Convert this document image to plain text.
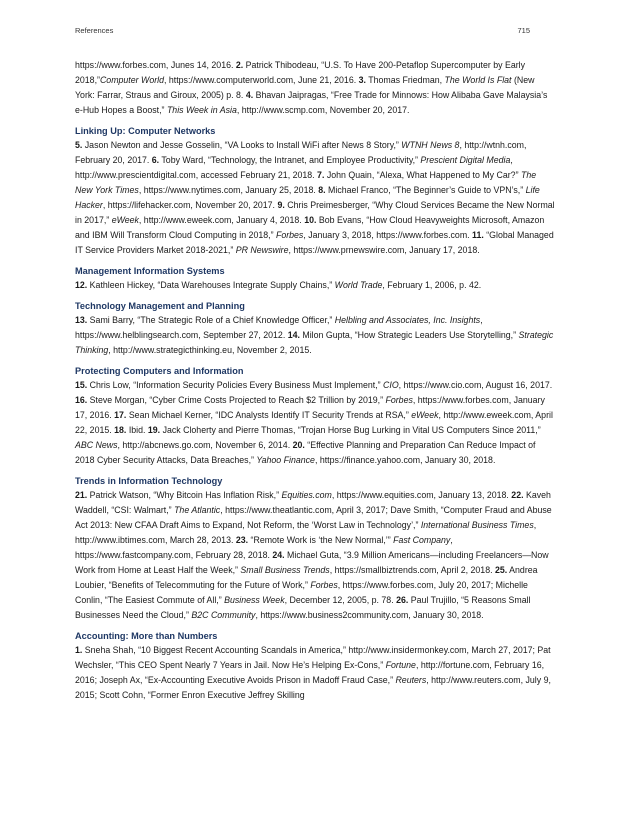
References	715

https://www.forbes.com, Junes 14, 2016. 2. Patrick Thibodeau, “U.S. To Have 200-Petaflop Supercomputer by Early 2018,”Computer World, https://www.computerworld.com, June 21, 2016. 3. Thomas Friedman, The World Is Flat (New York: Farrar, Straus and Giroux, 2005) p. 8. 4. Bhavan Jaipragas, “Free Trade for Minnows: How Alibaba Gave Malaysia’s e-Hub Hopes a Boost,” This Week in Asia, http://www.scmp.com, November 20, 2017.

Linking Up: Computer Networks

5. Jason Newton and Jesse Gosselin, “VA Looks to Install WiFi after News 8 Story,” WTNH News 8, http://wtnh.com, February 20, 2017. 6. Toby Ward, “Technology, the Intranet, and Employee Productivity,” Prescient Digital Media, http://www.prescientdigital.com, accessed February 21, 2018. 7. John Quain, “Alexa, What Happened to My Car?” The New York Times, https://www.nytimes.com, January 25, 2018. 8. Michael Franco, “The Beginner’s Guide to VPN’s,” Life Hacker, https://lifehacker.com, November 20, 2017. 9. Chris Preimesberger, “Why Cloud Services Became the New Normal in 2017,” eWeek, http://www.eweek.com, January 4, 2018. 10. Bob Evans, “How Cloud Heavyweights Microsoft, Amazon and IBM Will Transform Cloud Computing in 2018,” Forbes, January 3, 2018, https://www.forbes.com. 11. “Global Managed IT Service Providers Market 2018-2021,” PR Newswire, https://www.prnewswire.com, January 17, 2018.

Management Information Systems

12. Kathleen Hickey, “Data Warehouses Integrate Supply Chains,” World Trade, February 1, 2006, p. 42.

Technology Management and Planning

13. Sami Barry, “The Strategic Role of a Chief Knowledge Officer,” Helbling and Associates, Inc. Insights, https://www.helblingsearch.com, September 27, 2012. 14. Milon Gupta, “How Strategic Leaders Use Storytelling,” Strategic Thinking, http://www.strategicthinking.eu, November 2, 2015.

Protecting Computers and Information

15. Chris Low, “Information Security Policies Every Business Must Implement,” CIO, https://www.cio.com, August 16, 2017. 16. Steve Morgan, “Cyber Crime Costs Projected to Reach $2 Trillion by 2019,” Forbes, https://www.forbes.com, January 17, 2016. 17. Sean Michael Kerner, “IDC Analysts Identify IT Security Trends at RSA,” eWeek, http://www.eweek.com, April 22, 2015. 18. Ibid. 19. Jack Cloherty and Pierre Thomas, “Trojan Horse Bug Lurking in Vital US Computers Since 2011,” ABC News, http://abcnews.go.com, November 6, 2014. 20. “Effective Planning and Preparation Can Reduce Impact of 2018 Cyber Security Attacks, Data Breaches,” Yahoo Finance, https://finance.yahoo.com, January 30, 2018.

Trends in Information Technology

21. Patrick Watson, “Why Bitcoin Has Inflation Risk,” Equities.com, https://www.equities.com, January 13, 2018. 22. Kaveh Waddell, “CSI: Walmart,” The Atlantic, https://www.theatlantic.com, April 3, 2017; Dave Smith, “Computer Fraud and Abuse Act 2013: New CFAA Draft Aims to Expand, Not Reform, the ‘Worst Law in Technology’,” International Business Times, http://www.ibtimes.com, March 28, 2013. 23. “Remote Work is ‘the New Normal,’” Fast Company, https://www.fastcompany.com, February 28, 2018. 24. Michael Guta, “3.9 Million Americans—including Freelancers—Now Work from Home at Least Half the Week,” Small Business Trends, https://smallbiztrends.com, April 2, 2018. 25. Andrea Loubier, “Benefits of Telecommuting for the Future of Work,” Forbes, https://www.forbes.com, July 20, 2017; Michelle Conlin, “The Easiest Commute of All,” Business Week, December 12, 2005, p. 78. 26. Paul Trujillo, “5 Reasons Small Businesses Need the Cloud,” B2C Community, https://www.business2community.com, January 30, 2018.

Accounting: More than Numbers

1. Sneha Shah, “10 Biggest Recent Accounting Scandals in America,” http://www.insidermonkey.com, March 27, 2017; Pat Wechsler, “This CEO Spent Nearly 7 Years in Jail. Now He’s Helping Ex-Cons,” Fortune, http://fortune.com, February 16, 2016; Joseph Ax, “Ex-Accounting Executive Avoids Prison in Madoff Fraud Case,” Reuters, http://www.reuters.com, July 9, 2015; Scott Cohn, “Former Enron Executive Jeffrey Skilling
